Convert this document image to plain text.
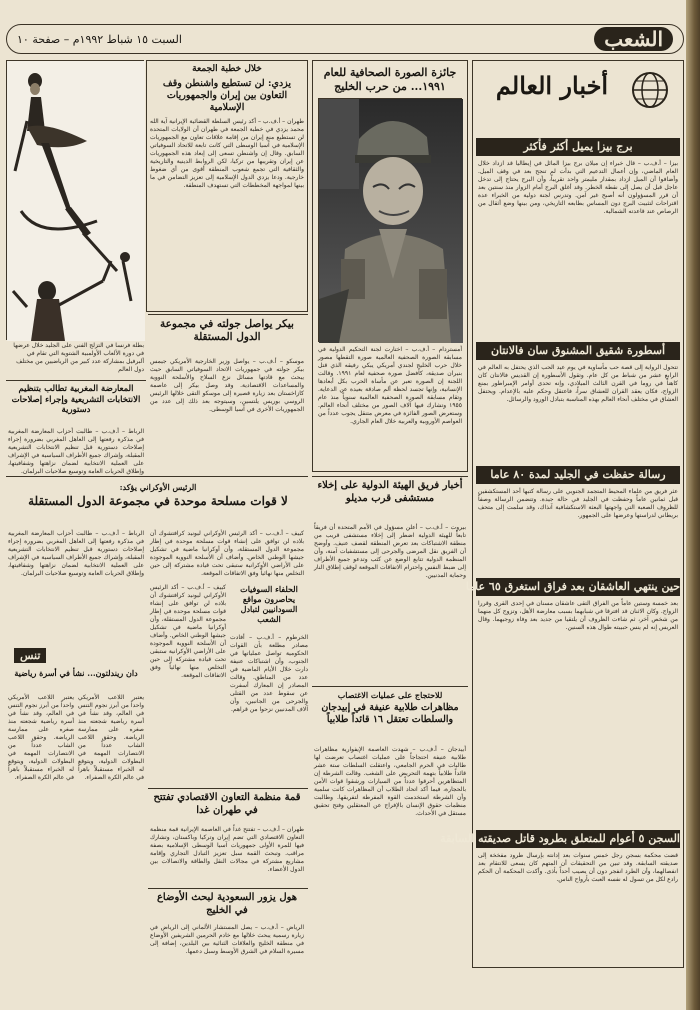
السبت ١٥ شباط ١٩٩٢م – صفحة ١٠	الشعب
أخبار العالم
برج بيزا يميل أكثر فأكثر
بيزا – أ.ف.ب – قال خبراء إن ميلان برج بيزا المائل في إيطاليا قد ازداد خلال العام الماضي، وإن أعمال التدعيم التي بدأت لم تنجح بعد في وقف الميل. وأضافوا أن الميل ازداد بمقدار مليمتر واحد تقريباً، وأن البرج يحتاج إلى تدخل عاجل قبل أن يصل إلى نقطة الخطر. وقد أغلق البرج أمام الزوار منذ سنتين بعد أن قرر المسؤولون أنه أصبح غير آمن. وتدرس لجنة دولية من الخبراء عدة اقتراحات لتثبيت البرج دون المساس بطابعه التاريخي، ومن بينها وضع أثقال من الرصاص عند قاعدته الشمالية.
أسطورة شقيق المشنوق سان فالانتان
تتحول الرواية إلى قصة حب مأساوية في يوم عيد الحب الذي يحتفل به العالم في الرابع عشر من شباط من كل عام. وتقول الأسطورة إن القديس فالانتان كان كاهناً في روما في القرن الثالث الميلادي، وإنه تحدى أوامر الإمبراطور بمنع الزواج، فكان يعقد القران للعشاق سراً، فاعتقل وحكم عليه بالإعدام. ويحتفل العشاق في مختلف أنحاء العالم بهذه المناسبة بتبادل الورود والرسائل.
رسالة حفظت في الجليد لمدة ٨٠ عاما
عثر فريق من علماء المحيط المتجمد الجنوبي على رسالة كتبها أحد المستكشفين قبل ثمانين عاماً وحفظت في الجليد في حالة جيدة. وتتضمن الرسالة وصفاً للظروف الصعبة التي واجهتها البعثة الاستكشافية آنذاك، وقد سلمت إلى متحف بريطاني لدراستها وعرضها على الجمهور.
حين ينتهي العاشقان بعد فراق استغرق ٦٥ عاما
بعد خمسة وستين عاماً من الفراق التقى عاشقان مسنان في إحدى القرى وقررا الزواج. وكان الاثنان قد افترقا في شبابهما بسبب معارضة الأهل، وتزوج كل منهما من شخص آخر، ثم شاءت الظروف أن يلتقيا من جديد بعد وفاة زوجيهما. وقال العريس إنه لم ينس حبيبته طوال هذه السنين.
السجن ٥ أعوام للمتعلق بطرود قاتل صديقته السابقة
قضت محكمة بسجن رجل خمس سنوات بعد إدانته بإرسال طرود مفخخة إلى صديقته السابقة. وقد تبين من التحقيقات أن المتهم كان يسعى للانتقام بعد انفصالهما، وأن الطرد انفجر دون أن يصيب أحداً بأذى. وأكدت المحكمة أن الحكم رادع لكل من تسول له نفسه العبث بأرواح الناس.
جائزة الصورة الصحافية للعام ١٩٩١... من حرب الخليج
أمستردام – أ.ف.ب – اختارت لجنة التحكيم الدولية في مسابقة الصورة الصحفية العالمية صورة التقطها مصور خلال حرب الخليج لجندي أمريكي يبكي رفيقه الذي قتل بنيران صديقة، كأفضل صورة صحفية لعام ١٩٩١. وقالت اللجنة إن الصورة تعبر عن مأساة الحرب بكل أبعادها الإنسانية، وإنها تجسد لحظة ألم صادقة بعيدة عن الدعاية. وتقام مسابقة الصورة الصحفية العالمية سنوياً منذ عام ١٩٥٥ وتشارك فيها آلاف الصور من مختلف أنحاء العالم. وستعرض الصور الفائزة في معرض متنقل يجوب عدداً من العواصم الأوروبية والعربية خلال العام الجاري.
خلال خطبة الجمعة
يزدي: لن تستطيع واشنطن وقف التعاون بين إيران والجمهوريات الإسلامية
طهران – أ.ف.ب – أكد رئيس السلطة القضائية الإيرانية آية الله محمد يزدي في خطبة الجمعة في طهران أن الولايات المتحدة لن تستطيع منع إيران من إقامة علاقات تعاون مع الجمهوريات الإسلامية في آسيا الوسطى التي كانت تابعة للاتحاد السوفياتي السابق. وقال إن واشنطن تسعى إلى إبعاد هذه الجمهوريات عن إيران وتقريبها من تركيا، لكن الروابط الدينية والتاريخية والثقافية التي تجمع شعوب المنطقة أقوى من أي ضغوط خارجية. ودعا يزدي الدول الإسلامية إلى تعزيز التضامن في ما بينها لمواجهة المخططات التي تستهدف المنطقة.
بطلة فرنسا في التزلج الفني على الجليد خلال عرضها في دورة الألعاب الأولمبية الشتوية التي تقام في ألبرفيل بمشاركة عدد كبير من الرياضيين من مختلف دول العالم
بيكر يواصل جولته في مجموعة الدول المستقلة
موسكو – أ.ف.ب – يواصل وزير الخارجية الأمريكي جيمس بيكر جولته في جمهوريات الاتحاد السوفياتي السابق حيث يبحث مع قادتها مسائل نزع السلاح والأسلحة النووية والمساعدات الاقتصادية. وقد وصل بيكر إلى عاصمة كازاخستان بعد زيارة قصيرة إلى موسكو التقى خلالها الرئيس الروسي بوريس يلتسين، وسيتوجه بعد ذلك إلى عدد من الجمهوريات الأخرى في آسيا الوسطى.
المعارضة المغربية تطالب بتنظيم الانتخابات التشريعية وإجراء إصلاحات دستورية
الرباط – أ.ف.ب – طالبت أحزاب المعارضة المغربية في مذكرة رفعتها إلى العاهل المغربي بضرورة إجراء إصلاحات دستورية قبل تنظيم الانتخابات التشريعية المقبلة، وإشراك جميع الأطراف السياسية في الإشراف على العملية الانتخابية لضمان نزاهتها وشفافيتها، وإطلاق الحريات العامة وتوسيع صلاحيات البرلمان.
الرئيس الأوكراني يؤكد:
لا قوات مسلحة موحدة في مجموعة الدول المستقلة
كييف – أ.ف.ب – أكد الرئيس الأوكراني ليونيد كرافتشوك أن بلاده لن توافق على إنشاء قوات مسلحة موحدة في إطار مجموعة الدول المستقلة، وأن أوكرانيا ماضية في تشكيل جيشها الوطني الخاص. وأضاف أن الأسلحة النووية الموجودة على الأراضي الأوكرانية ستبقى تحت قيادة مشتركة إلى حين التخلص منها نهائياً وفق الاتفاقات الموقعة.
الرباط – أ.ف.ب – طالبت أحزاب المعارضة المغربية في مذكرة رفعتها إلى العاهل المغربي بضرورة إجراء إصلاحات دستورية قبل تنظيم الانتخابات التشريعية المقبلة، وإشراك جميع الأطراف السياسية في الإشراف على العملية الانتخابية لضمان نزاهتها وشفافيتها، وإطلاق الحريات العامة وتوسيع صلاحيات البرلمان.
الحلفاء السوفيات يحاصرون مواقع السودانيين لتبادل الشعب
الخرطوم – أ.ف.ب – أفادت مصادر مطلعة بأن القوات الحكومية تواصل عملياتها في الجنوب، وأن اشتباكات عنيفة دارت خلال الأيام الماضية في عدد من المناطق. وقالت المصادر إن المعارك أسفرت عن سقوط عدد من القتلى والجرحى من الجانبين، وأن آلاف المدنيين نزحوا من قراهم.
كييف – أ.ف.ب – أكد الرئيس الأوكراني ليونيد كرافتشوك أن بلاده لن توافق على إنشاء قوات مسلحة موحدة في إطار مجموعة الدول المستقلة، وأن أوكرانيا ماضية في تشكيل جيشها الوطني الخاص. وأضاف أن الأسلحة النووية الموجودة على الأراضي الأوكرانية ستبقى تحت قيادة مشتركة إلى حين التخلص منها نهائياً وفق الاتفاقات الموقعة.
تنس
دان ريندلتون... نشأ في أسرة رياضية
يعتبر اللاعب الأمريكي واحداً من أبرز نجوم التنس في العالم، وقد نشأ في أسرة رياضية شجعته منذ صغره على ممارسة الرياضة. وحقق اللاعب الشاب عدداً من الانتصارات المهمة في البطولات الدولية، ويتوقع له الخبراء مستقبلاً باهراً في عالم الكرة الصفراء.
يعتبر اللاعب الأمريكي واحداً من أبرز نجوم التنس في العالم، وقد نشأ في أسرة رياضية شجعته منذ صغره على ممارسة الرياضة. وحقق اللاعب الشاب عدداً من الانتصارات المهمة في البطولات الدولية، ويتوقع له الخبراء مستقبلاً باهراً في عالم الكرة الصفراء.
قمة منظمة التعاون الاقتصادي تفتتح في طهران غدا
طهران – أ.ف.ب – تفتتح غداً في العاصمة الإيرانية قمة منظمة التعاون الاقتصادي التي تضم إيران وتركيا وباكستان، وتشارك فيها للمرة الأولى جمهوريات آسيا الوسطى الإسلامية بصفة مراقب. وتبحث القمة سبل تعزيز التبادل التجاري وإقامة مشاريع مشتركة في مجالات النقل والطاقة والاتصالات بين الدول الأعضاء.
هول يزور السعودية لبحث الأوضاع في الخليج
الرياض – أ.ف.ب – يصل المستشار الألماني إلى الرياض في زيارة رسمية يبحث خلالها مع خادم الحرمين الشريفين الأوضاع في منطقة الخليج والعلاقات الثنائية بين البلدين، إضافة إلى مسيرة السلام في الشرق الأوسط وسبل دعمها.
أخبار فريق الهيئة الدولية على إخلاء مستشفى قرب مديلو
بيروت – أ.ف.ب – أعلن مسؤول في الأمم المتحدة أن فريقاً تابعاً للهيئة الدولية اضطر إلى إخلاء مستشفى قريب من منطقة الاشتباكات بعد تعرض المنطقة لقصف عنيف. وأوضح أن الفريق نقل المرضى والجرحى إلى مستشفيات آمنة، وأن المنظمة الدولية تتابع الوضع عن كثب وتدعو جميع الأطراف إلى ضبط النفس واحترام الاتفاقات الموقعة لوقف إطلاق النار وحماية المدنيين.
للاحتجاج على عمليات الاغتصاب
مظاهرات طلابية عنيفة في إبيدجان والسلطات تعتقل ١٦ قائداً طلابياً
أبيدجان – أ.ف.ب – شهدت العاصمة الإيفوارية مظاهرات طلابية عنيفة احتجاجاً على عمليات اغتصاب تعرضت لها طالبات في الحرم الجامعي، واعتقلت السلطات ستة عشر قائداً طلابياً بتهمة التحريض على الشغب. وقالت الشرطة إن المتظاهرين أحرقوا عدداً من السيارات ورشقوا قوات الأمن بالحجارة، فيما أكد اتحاد الطلاب أن المظاهرات كانت سلمية وأن الشرطة استخدمت القوة المفرطة لتفريقها. وطالبت منظمات حقوق الإنسان بالإفراج عن المعتقلين وفتح تحقيق مستقل في الأحداث.
